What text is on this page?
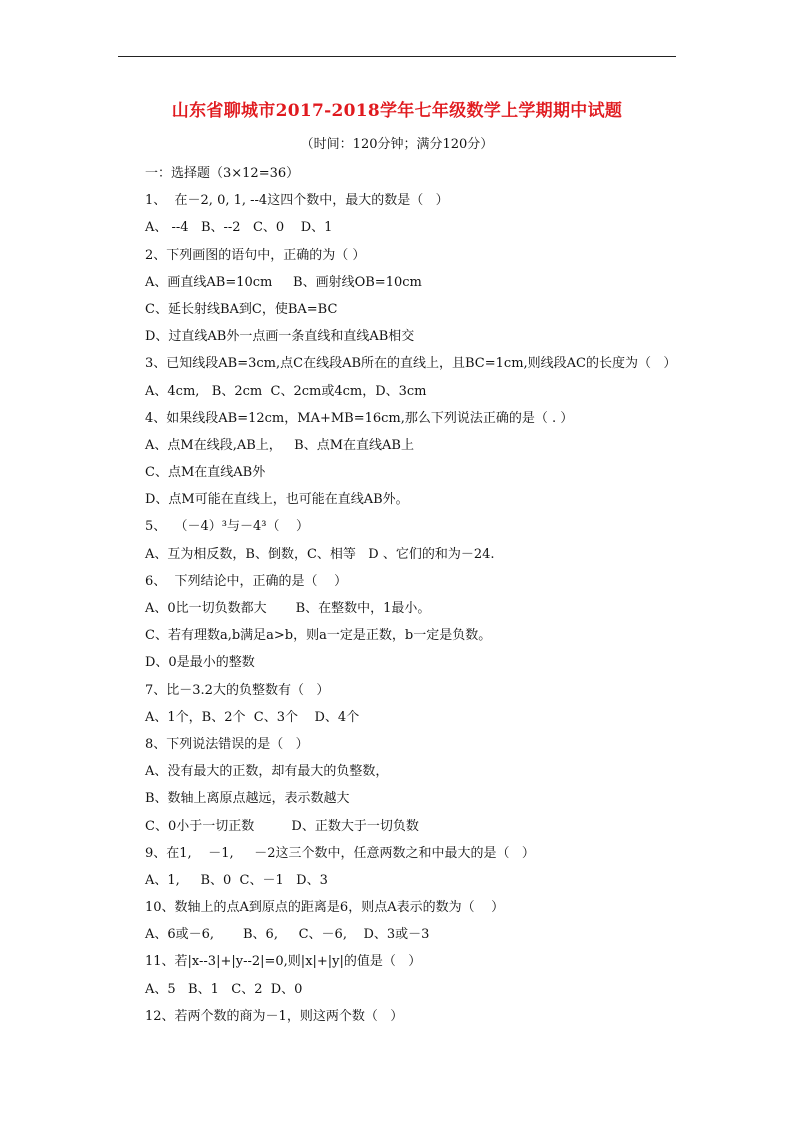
山东省聊城市2017-2018学年七年级数学上学期期中试题
（时间：120分钟；满分120分）
一：选择题（3×12=36）
1、  在－2, 0, 1, --4这四个数中，最大的数是（   ）
A、 --4   B、--2   C、0    D、1
2、下列画图的语句中，正确的为（ ）
A、画直线AB=10cm     B、画射线OB=10cm
C、延长射线BA到C，使BA=BC
D、过直线AB外一点画一条直线和直线AB相交
3、已知线段AB=3cm,点C在线段AB所在的直线上，且BC=1cm,则线段AC的长度为（   ）
A、4cm,   B、2cm  C、2cm或4cm，D、3cm
4、如果线段AB=12cm，MA+MB=16cm,那么下列说法正确的是（ . ）
A、点M在线段,AB上，   B、点M在直线AB上
C、点M在直线AB外
D、点M可能在直线上，也可能在直线AB外。
5、  （－4）³与－4³（    ）
A、互为相反数，B、倒数，C、相等   D 、它们的和为－24.
6、  下列结论中，正确的是（    ）
A、0比一切负数都大       B、在整数中，1最小。
C、若有理数a,b满足a>b，则a一定是正数，b一定是负数。
D、0是最小的整数
7、比－3.2大的负整数有（   ）
A、1个，B、2个  C、3个    D、4个
8、下列说法错误的是（   ）
A、没有最大的正数，却有最大的负整数，
B、数轴上离原点越远，表示数越大
C、0小于一切正数         D、正数大于一切负数
9、在1,    －1,     －2这三个数中，任意两数之和中最大的是（   ）
A、1,     B、0  C、－1   D、3
10、数轴上的点A到原点的距离是6，则点A表示的数为（    ）
A、6或－6,       B、6,     C、－6,    D、3或－3
11、若|x--3|+|y--2|=0,则|x|+|y|的值是（   ）
A、5   B、1   C、2  D、0
12、若两个数的商为－1，则这两个数（   ）
